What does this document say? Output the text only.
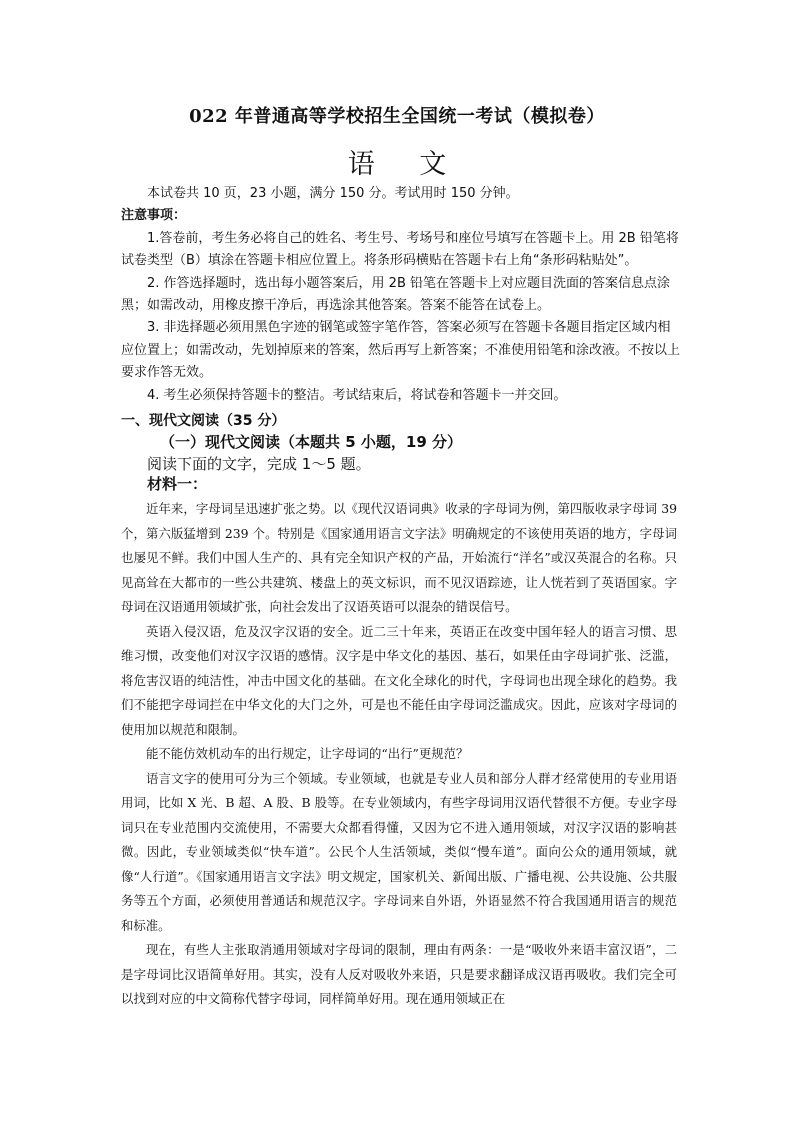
022 年普通高等学校招生全国统一考试（模拟卷）
语 文

本试卷共 10 页，23 小题，满分 150 分。考试用时 150 分钟。

注意事项：

1.答卷前，考生务必将自己的姓名、考生号、考场号和座位号填写在答题卡上。用 2B 铅笔将试卷类型（B）填涂在答题卡相应位置上。将条形码横贴在答题卡右上角“条形码粘贴处”。

2. 作答选择题时，选出每小题答案后，用 2B 铅笔在答题卡上对应题目洗面的答案信息点涂黑；如需改动，用橡皮擦干净后，再选涂其他答案。答案不能答在试卷上。

3. 非选择题必须用黑色字迹的钢笔或签字笔作答，答案必须写在答题卡各题目指定区域内相应位置上；如需改动，先划掉原来的答案，然后再写上新答案；不准使用铅笔和涂改液。不按以上要求作答无效。

4. 考生必须保持答题卡的整洁。考试结束后，将试卷和答题卡一并交回。

一、现代文阅读（35 分）
（一）现代文阅读（本题共 5 小题，19 分）
阅读下面的文字，完成 1～5 题。
材料一：

近年来，字母词呈迅速扩张之势。以《现代汉语词典》收录的字母词为例，第四版收录字母词 39 个，第六版猛增到 239 个。特别是《国家通用语言文字法》明确规定的不该使用英语的地方，字母词也屡见不鲜。我们中国人生产的、具有完全知识产权的产品，开始流行“洋名”或汉英混合的名称。只见高耸在大都市的一些公共建筑、楼盘上的英文标识，而不见汉语踪迹，让人恍若到了英语国家。字母词在汉语通用领域扩张，向社会发出了汉语英语可以混杂的错误信号。

英语入侵汉语，危及汉字汉语的安全。近二三十年来，英语正在改变中国年轻人的语言习惯、思维习惯，改变他们对汉字汉语的感情。汉字是中华文化的基因、基石，如果任由字母词扩张、泛滥，将危害汉语的纯洁性，冲击中国文化的基础。在文化全球化的时代，字母词也出现全球化的趋势。我们不能把字母词拦在中华文化的大门之外，可是也不能任由字母词泛滥成灾。因此，应该对字母词的使用加以规范和限制。

能不能仿效机动车的出行规定，让字母词的“出行”更规范？

语言文字的使用可分为三个领域。专业领域，也就是专业人员和部分人群才经常使用的专业用语用词，比如 X 光、B 超、A 股、B 股等。在专业领域内，有些字母词用汉语代替很不方便。专业字母词只在专业范围内交流使用，不需要大众都看得懂，又因为它不进入通用领域，对汉字汉语的影响甚微。因此，专业领域类似“快车道”。公民个人生活领域，类似“慢车道”。面向公众的通用领域，就像“人行道”。《国家通用语言文字法》明文规定，国家机关、新闻出版、广播电视、公共设施、公共服务等五个方面，必须使用普通话和规范汉字。字母词来自外语，外语显然不符合我国通用语言的规范和标准。

现在，有些人主张取消通用领域对字母词的限制，理由有两条：一是“吸收外来语丰富汉语”，二是字母词比汉语简单好用。其实，没有人反对吸收外来语，只是要求翻译成汉语再吸收。我们完全可以找到对应的中文简称代替字母词，同样简单好用。现在通用领域正在
